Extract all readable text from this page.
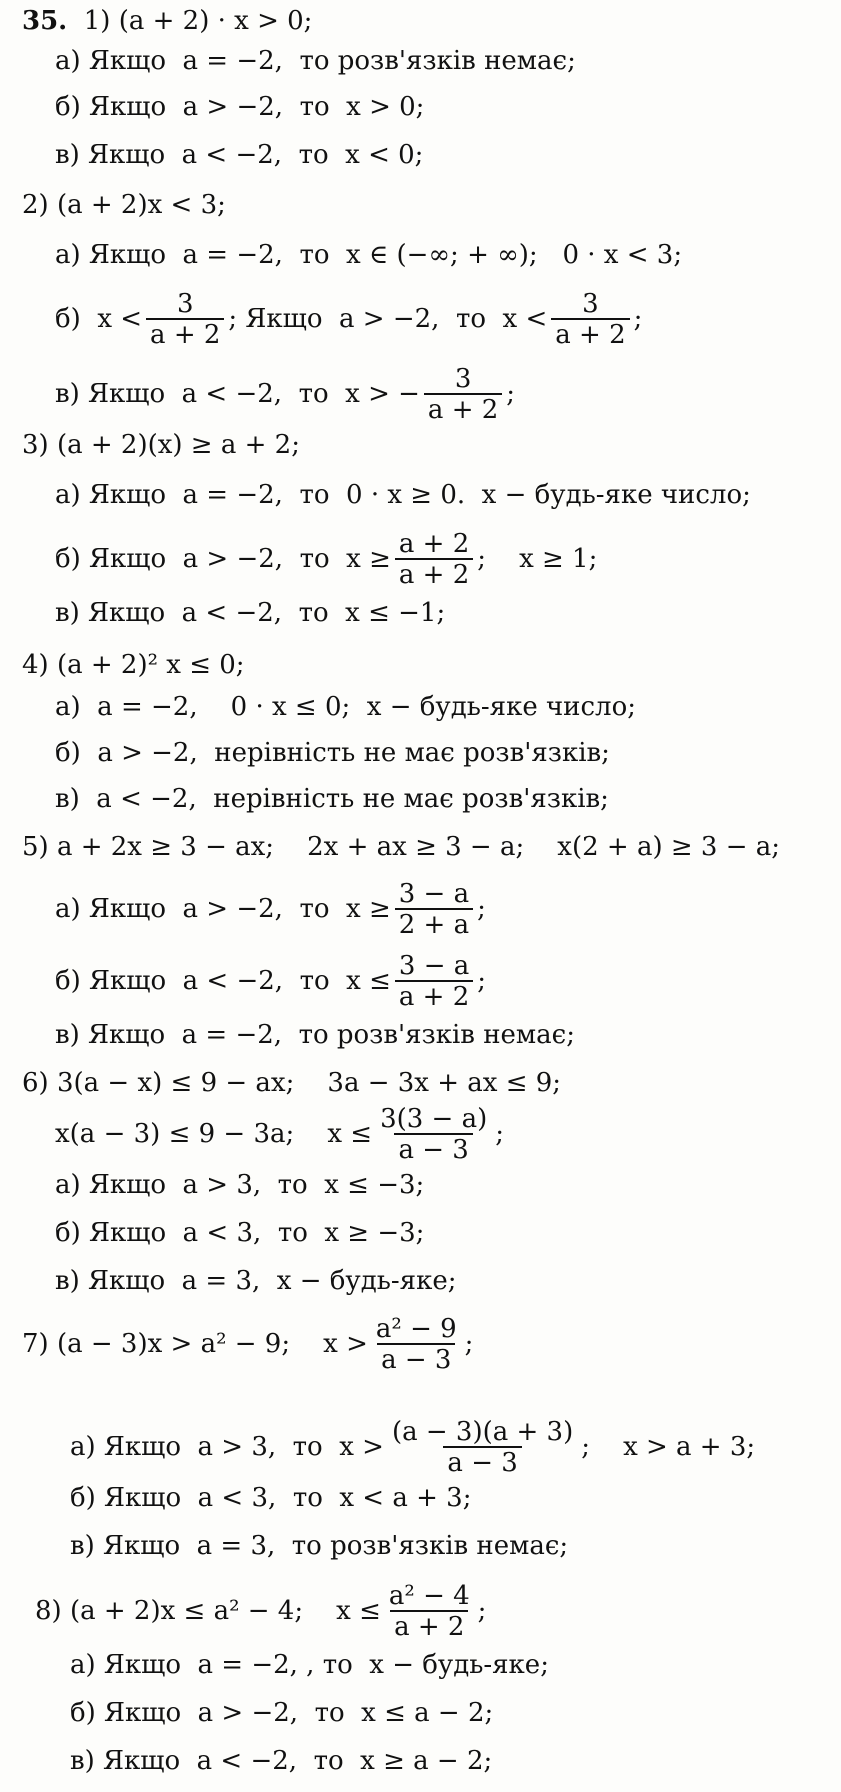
35.  1) (a + 2) · x > 0;
а) Якщо  a = −2,  то розв'язків немає;
б) Якщо  a > −2,  то  x > 0;
в) Якщо  a < −2,  то  x < 0;
2) (a + 2)x < 3;
а) Якщо  a = −2,  то  x ∈ (−∞; + ∞);   0 · x < 3;
б)  $x < \frac{3}{a + 2}$ ; Якщо  a > −2,  то  $x < \frac{3}{a + 2}$ ;
в) Якщо  a < −2,  то  x > − $\frac{3}{a + 2}$ ;
3) (a + 2)(x) ≥ a + 2;
а) Якщо  a = −2,  то  0 · x ≥ 0.  x − будь-яке число;
б) Якщо  a > −2,  то  $x \ge \frac{a + 2}{a + 2}$ ;    x ≥ 1;
в) Якщо  a < −2,  то  x ≤ −1;
4) (a + 2)² x ≤ 0;
а)  a = −2,    0 · x ≤ 0;  x − будь-яке число;
б)  a > −2,  нерівність не має розв'язків;
в)  a < −2,  нерівність не має розв'язків;
5) a + 2x ≥ 3 − ax;    2x + ax ≥ 3 − a;    x(2 + a) ≥ 3 − a;
а) Якщо  a > −2,  то  $x \ge \frac{3 - a}{2 + a}$ ;
б) Якщо  a < −2,  то  $x \le \frac{3 - a}{a + 2}$ ;
в) Якщо  a = −2,  то розв'язків немає;
6) 3(a − x) ≤ 9 − ax;    3a − 3x + ax ≤ 9;
x(a − 3) ≤ 9 − 3a;    $x \le \frac{3(3 - a)}{a - 3}$ ;
а) Якщо  a > 3,  то  x ≤ −3;
б) Якщо  a < 3,  то  x ≥ −3;
в) Якщо  a = 3,  x − будь-яке;
7) (a − 3)x > a² − 9;    $x > \frac{\text{a² − 9}}{a - 3}$ ;
а) Якщо  a > 3,  то  $x > \frac{(a - 3)(a + 3)}{a - 3}$ ;    x > a + 3;
б) Якщо  a < 3,  то  x < a + 3;
в) Якщо  a = 3,  то розв'язків немає;
8) (a + 2)x ≤ a² − 4;    $x \le \frac{\text{a² − 4}}{a + 2}$ ;
а) Якщо  a = −2, , то  x − будь-яке;
б) Якщо  a > −2,  то  x ≤ a − 2;
в) Якщо  a < −2,  то  x ≥ a − 2;
